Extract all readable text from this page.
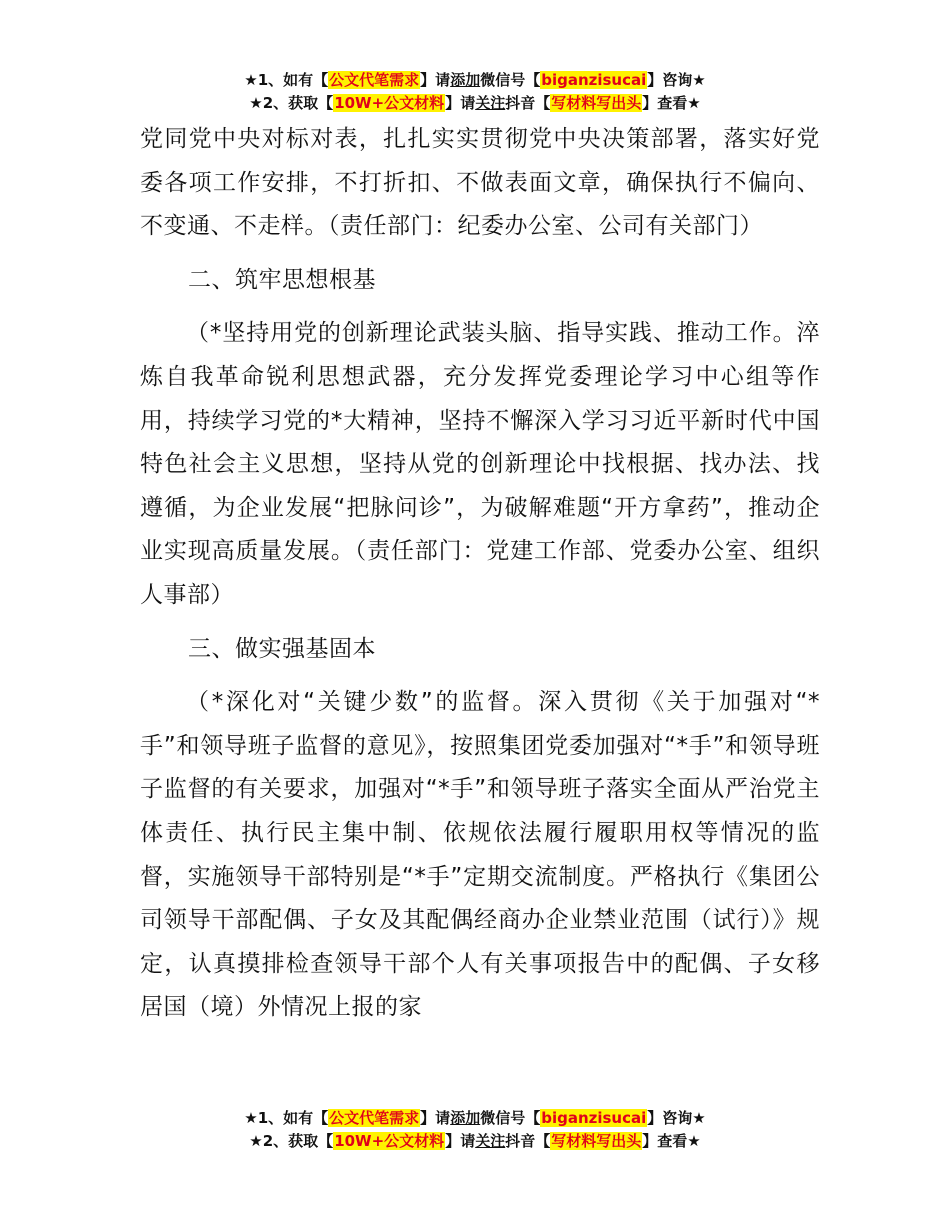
★1、如有【公文代笔需求】请添加微信号【biganzisucai】咨询★
★2、获取【10W+公文材料】请关注抖音【写材料写出头】查看★

党同党中央对标对表，扎扎实实贯彻党中央决策部署，落实好党委各项工作安排，不打折扣、不做表面文章，确保执行不偏向、不变通、不走样。（责任部门：纪委办公室、公司有关部门）

二、筑牢思想根基

（*坚持用党的创新理论武装头脑、指导实践、推动工作。淬炼自我革命锐利思想武器，充分发挥党委理论学习中心组等作用，持续学习党的*大精神，坚持不懈深入学习习近平新时代中国特色社会主义思想，坚持从党的创新理论中找根据、找办法、找遵循，为企业发展“把脉问诊”，为破解难题“开方拿药”，推动企业实现高质量发展。（责任部门：党建工作部、党委办公室、组织人事部）

三、做实强基固本

（*深化对“关键少数”的监督。深入贯彻《关于加强对“*手”和领导班子监督的意见》，按照集团党委加强对“*手”和领导班子监督的有关要求，加强对“*手”和领导班子落实全面从严治党主体责任、执行民主集中制、依规依法履行履职用权等情况的监督，实施领导干部特别是“*手”定期交流制度。严格执行《集团公司领导干部配偶、子女及其配偶经商办企业禁业范围（试行）》规定，认真摸排检查领导干部个人有关事项报告中的配偶、子女移居国（境）外情况上报的家

★1、如有【公文代笔需求】请添加微信号【biganzisucai】咨询★
★2、获取【10W+公文材料】请关注抖音【写材料写出头】查看★
